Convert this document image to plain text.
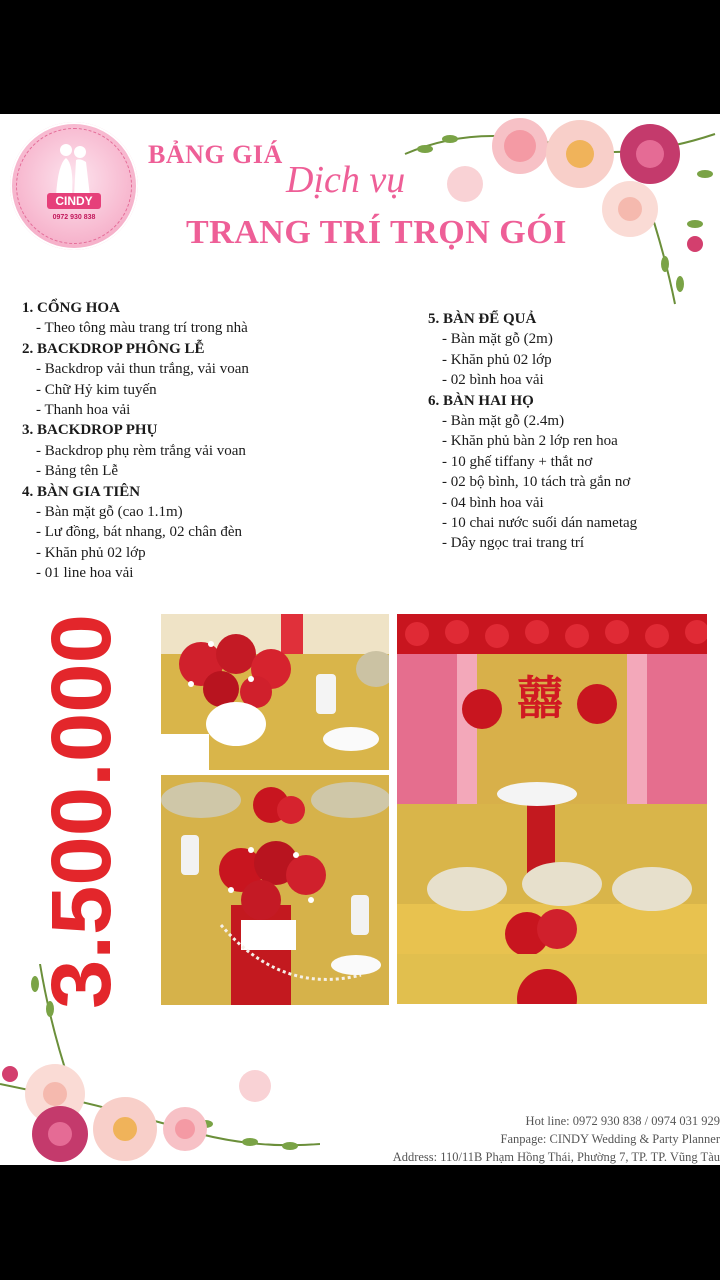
CINDY
0972 930 838
BẢNG GIÁ
Dịch vụ
TRANG TRÍ TRỌN GÓI
1. CỔNG HOA
- Theo tông màu trang trí trong nhà
2. BACKDROP PHÔNG LỄ
- Backdrop vải thun trắng, vải voan
- Chữ Hỷ kim tuyến
- Thanh hoa vải
3. BACKDROP PHỤ
- Backdrop phụ rèm trắng vải voan
- Bảng tên Lễ
4. BÀN GIA TIÊN
- Bàn mặt gỗ (cao 1.1m)
- Lư đồng, bát nhang, 02 chân đèn
- Khăn phủ 02 lớp
- 01 line hoa vải
5. BÀN ĐỂ QUẢ
- Bàn mặt gỗ (2m)
- Khăn phủ 02 lớp
- 02 bình hoa vải
6. BÀN HAI HỌ
- Bàn mặt gỗ (2.4m)
- Khăn phủ bàn 2 lớp ren hoa
- 10 ghế tiffany + thắt nơ
- 02 bộ bình, 10 tách trà gắn nơ
- 04 bình hoa vải
- 10 chai nước suối dán nametag
- Dây ngọc trai trang trí
3.500.000	囍
Hot line: 0972 930 838 / 0974 031 929
Fanpage: CINDY Wedding & Party Planner
Address: 110/11B Phạm Hồng Thái, Phường 7, TP. TP. Vũng Tàu
